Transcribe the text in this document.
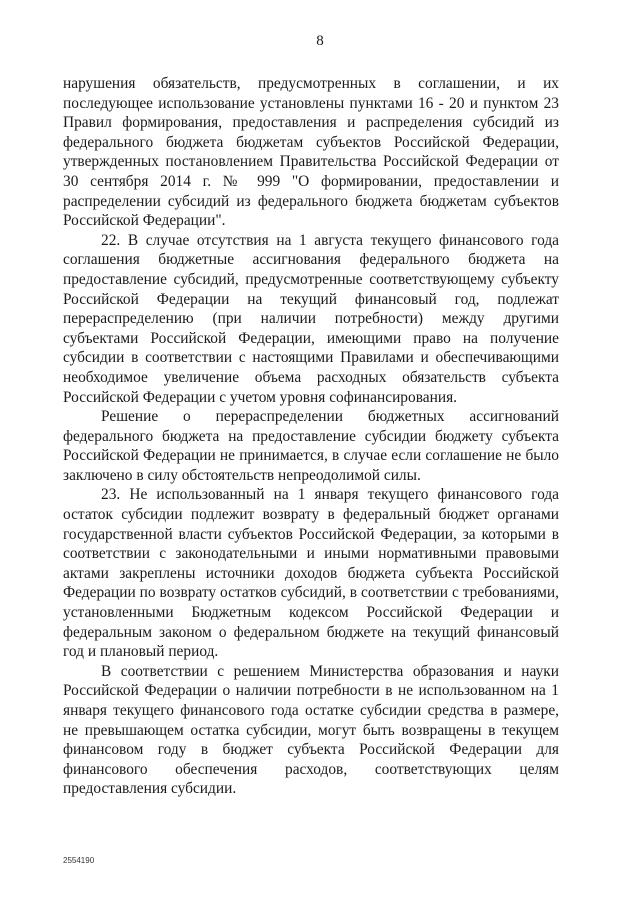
8

нарушения обязательств, предусмотренных в соглашении, и их последующее использование установлены пунктами 16 - 20 и пунктом 23 Правил формирования, предоставления и распределения субсидий из федерального бюджета бюджетам субъектов Российской Федерации, утвержденных постановлением Правительства Российской Федерации от 30 сентября 2014 г. № 999 "О формировании, предоставлении и распределении субсидий из федерального бюджета бюджетам субъектов Российской Федерации".

22. В случае отсутствия на 1 августа текущего финансового года соглашения бюджетные ассигнования федерального бюджета на предоставление субсидий, предусмотренные соответствующему субъекту Российской Федерации на текущий финансовый год, подлежат перераспределению (при наличии потребности) между другими субъектами Российской Федерации, имеющими право на получение субсидии в соответствии с настоящими Правилами и обеспечивающими необходимое увеличение объема расходных обязательств субъекта Российской Федерации с учетом уровня софинансирования.

Решение о перераспределении бюджетных ассигнований федерального бюджета на предоставление субсидии бюджету субъекта Российской Федерации не принимается, в случае если соглашение не было заключено в силу обстоятельств непреодолимой силы.

23. Не использованный на 1 января текущего финансового года остаток субсидии подлежит возврату в федеральный бюджет органами государственной власти субъектов Российской Федерации, за которыми в соответствии с законодательными и иными нормативными правовыми актами закреплены источники доходов бюджета субъекта Российской Федерации по возврату остатков субсидий, в соответствии с требованиями, установленными Бюджетным кодексом Российской Федерации и федеральным законом о федеральном бюджете на текущий финансовый год и плановый период.

В соответствии с решением Министерства образования и науки Российской Федерации о наличии потребности в не использованном на 1 января текущего финансового года остатке субсидии средства в размере, не превышающем остатка субсидии, могут быть возвращены в текущем финансовом году в бюджет субъекта Российской Федерации для финансового обеспечения расходов, соответствующих целям предоставления субсидии.

2554190
